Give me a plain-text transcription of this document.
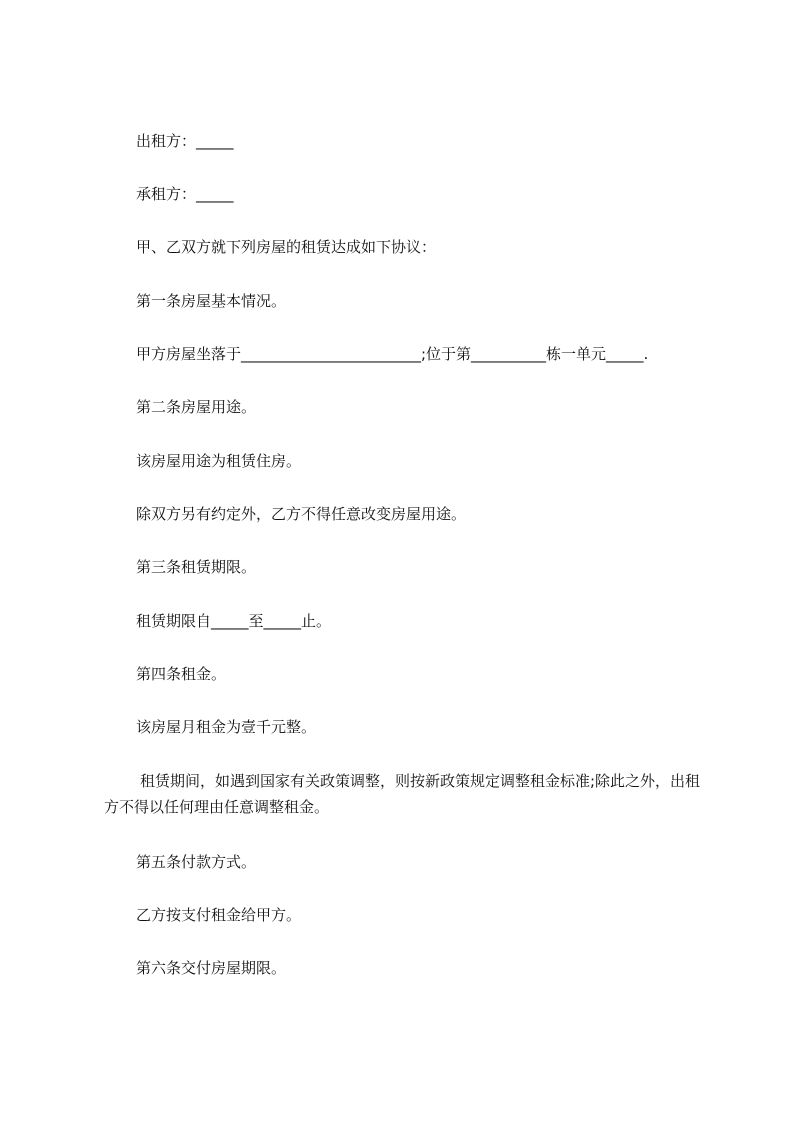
出租方：_____

承租方：_____

甲、乙双方就下列房屋的租赁达成如下协议：

第一条房屋基本情况。

甲方房屋坐落于________________________;位于第__________栋一单元_____.

第二条房屋用途。

该房屋用途为租赁住房。

除双方另有约定外，乙方不得任意改变房屋用途。

第三条租赁期限。

租赁期限自_____至_____止。

第四条租金。

该房屋月租金为壹千元整。

租赁期间，如遇到国家有关政策调整，则按新政策规定调整租金标准;除此之外，出租方不得以任何理由任意调整租金。

第五条付款方式。

乙方按支付租金给甲方。

第六条交付房屋期限。
